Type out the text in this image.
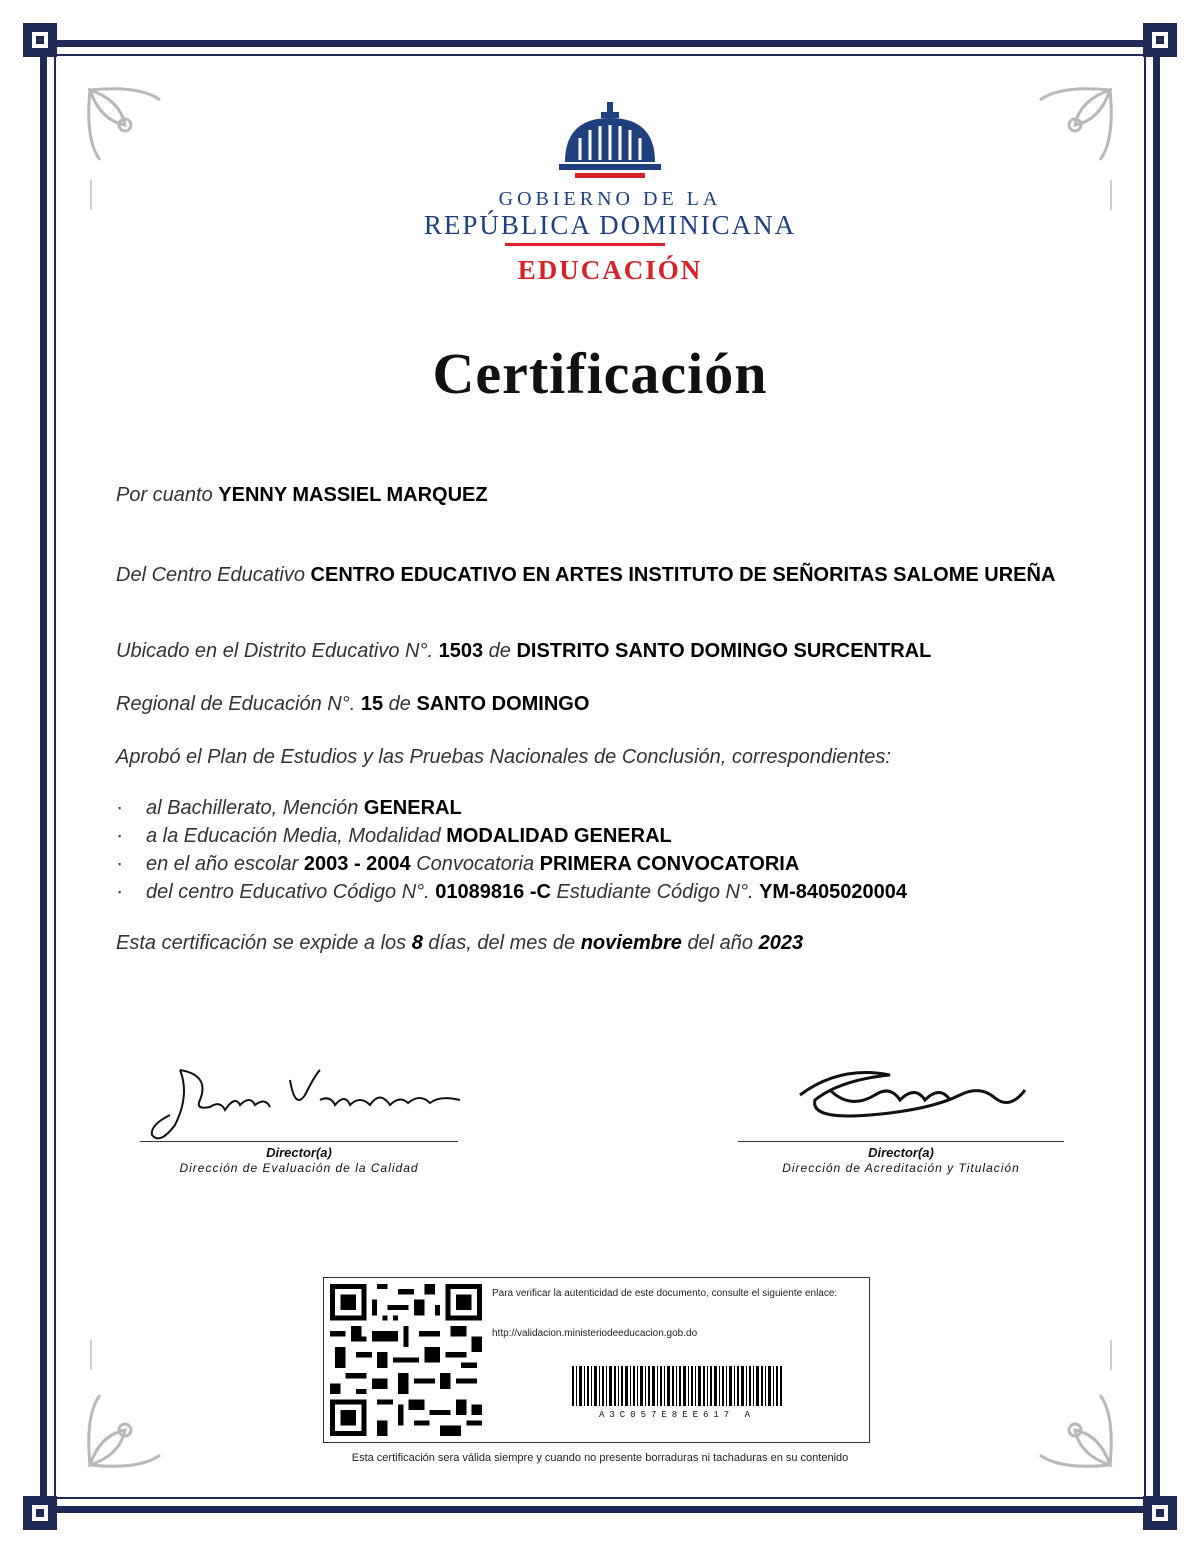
GOBIERNO DE LA
REPÚBLICA DOMINICANA
EDUCACIÓN
Certificación
Por cuanto YENNY MASSIEL MARQUEZ
Del Centro Educativo CENTRO EDUCATIVO EN ARTES INSTITUTO DE SEÑORITAS SALOME UREÑA
Ubicado en el Distrito Educativo N°. 1503 de DISTRITO SANTO DOMINGO SURCENTRAL
Regional de Educación N°. 15 de SANTO DOMINGO
Aprobó el Plan de Estudios y las Pruebas Nacionales de Conclusión, correspondientes:
▪ al Bachillerato, Mención GENERAL
▪ a la Educación Media, Modalidad MODALIDAD GENERAL
▪ en el año escolar 2003 - 2004 Convocatoria PRIMERA CONVOCATORIA
▪ del centro Educativo Código N°. 01089816 -C Estudiante Código N°. YM-8405020004
Esta certificación se expide a los 8 días, del mes de noviembre del año 2023
Director(a)
Dirección de Evaluación de la Calidad
Director(a)
Dirección de Acreditación y Titulación
Para verificar la autenticidad de este documento, consulte el siguiente enlace:
http://validacion.ministeriodeeducacion.gob.do
A3C057E8EE617 A
Esta certificación sera válida siempre y cuando no presente borraduras ni tachaduras en su contenido
